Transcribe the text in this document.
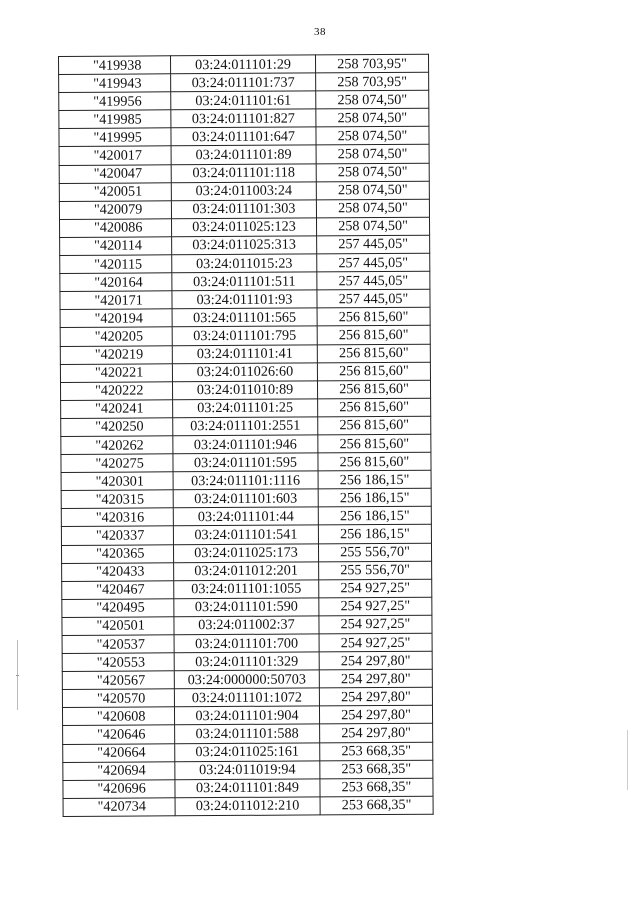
38
"419938	03:24:011101:29	258 703,95"
"419943	03:24:011101:737	258 703,95"
"419956	03:24:011101:61	258 074,50"
"419985	03:24:011101:827	258 074,50"
"419995	03:24:011101:647	258 074,50"
"420017	03:24:011101:89	258 074,50"
"420047	03:24:011101:118	258 074,50"
"420051	03:24:011003:24	258 074,50"
"420079	03:24:011101:303	258 074,50"
"420086	03:24:011025:123	258 074,50"
"420114	03:24:011025:313	257 445,05"
"420115	03:24:011015:23	257 445,05"
"420164	03:24:011101:511	257 445,05"
"420171	03:24:011101:93	257 445,05"
"420194	03:24:011101:565	256 815,60"
"420205	03:24:011101:795	256 815,60"
"420219	03:24:011101:41	256 815,60"
"420221	03:24:011026:60	256 815,60"
"420222	03:24:011010:89	256 815,60"
"420241	03:24:011101:25	256 815,60"
"420250	03:24:011101:2551	256 815,60"
"420262	03:24:011101:946	256 815,60"
"420275	03:24:011101:595	256 815,60"
"420301	03:24:011101:1116	256 186,15"
"420315	03:24:011101:603	256 186,15"
"420316	03:24:011101:44	256 186,15"
"420337	03:24:011101:541	256 186,15"
"420365	03:24:011025:173	255 556,70"
"420433	03:24:011012:201	255 556,70"
"420467	03:24:011101:1055	254 927,25"
"420495	03:24:011101:590	254 927,25"
"420501	03:24:011002:37	254 927,25"
"420537	03:24:011101:700	254 927,25"
"420553	03:24:011101:329	254 297,80"
"420567	03:24:000000:50703	254 297,80"
"420570	03:24:011101:1072	254 297,80"
"420608	03:24:011101:904	254 297,80"
"420646	03:24:011101:588	254 297,80"
"420664	03:24:011025:161	253 668,35"
"420694	03:24:011019:94	253 668,35"
"420696	03:24:011101:849	253 668,35"
"420734	03:24:011012:210	253 668,35"
